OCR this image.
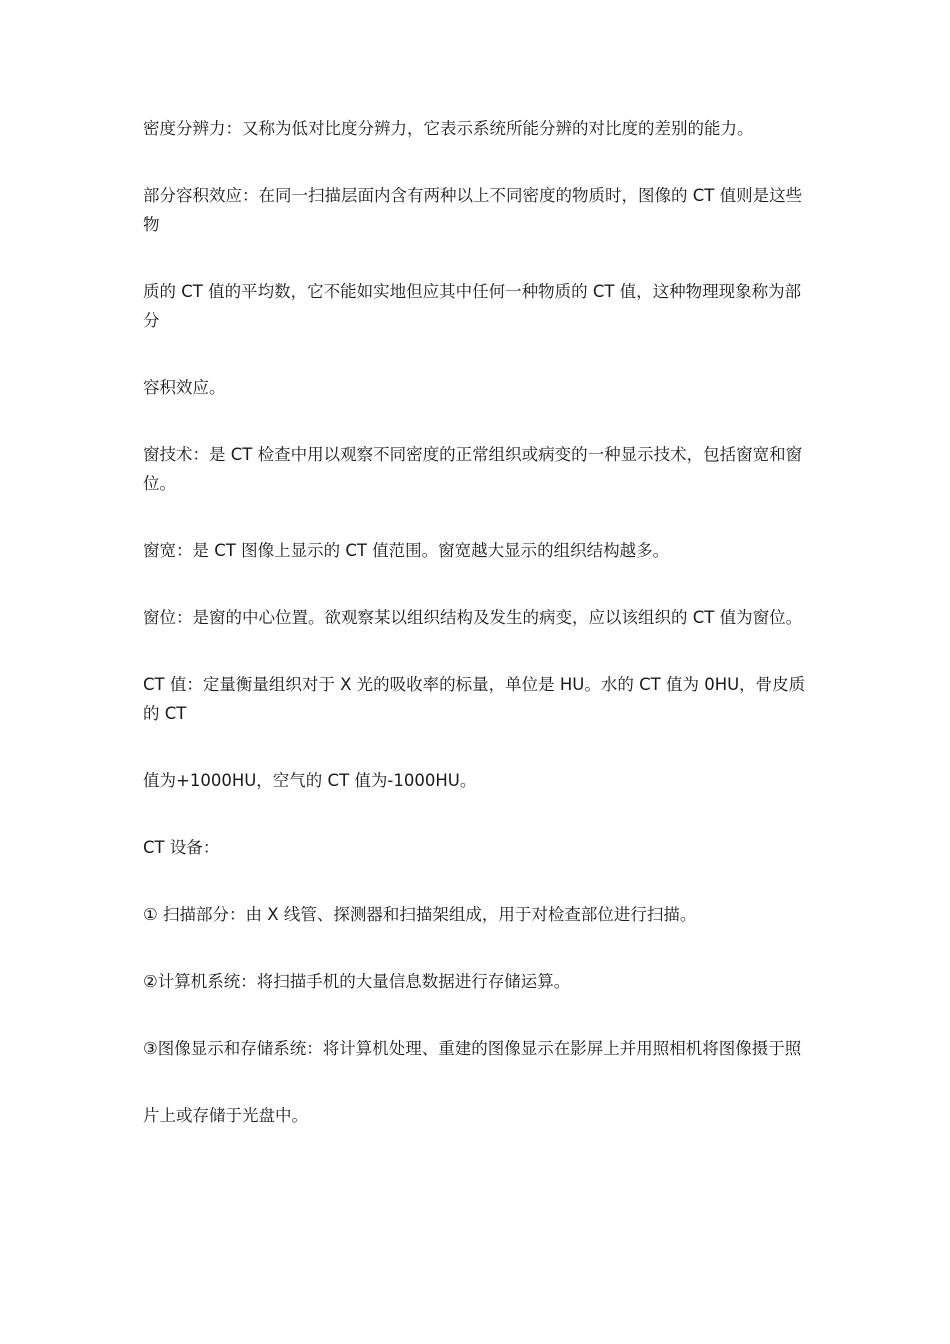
密度分辨力：又称为低对比度分辨力，它表示系统所能分辨的对比度的差别的能力。

部分容积效应：在同一扫描层面内含有两种以上不同密度的物质时，图像的 CT 值则是这些物

质的 CT 值的平均数，它不能如实地但应其中任何一种物质的 CT 值，这种物理现象称为部分

容积效应。

窗技术：是 CT 检查中用以观察不同密度的正常组织或病变的一种显示技术，包括窗宽和窗位。

窗宽：是 CT 图像上显示的 CT 值范围。窗宽越大显示的组织结构越多。

窗位：是窗的中心位置。欲观察某以组织结构及发生的病变，应以该组织的 CT 值为窗位。

CT 值：定量衡量组织对于 X 光的吸收率的标量，单位是 HU。水的 CT 值为 0HU，骨皮质的 CT

值为+1000HU，空气的 CT 值为-1000HU。

CT 设备：

① 扫描部分：由 X 线管、探测器和扫描架组成，用于对检查部位进行扫描。

②计算机系统：将扫描手机的大量信息数据进行存储运算。

③图像显示和存储系统：将计算机处理、重建的图像显示在影屏上并用照相机将图像摄于照

片上或存储于光盘中。
